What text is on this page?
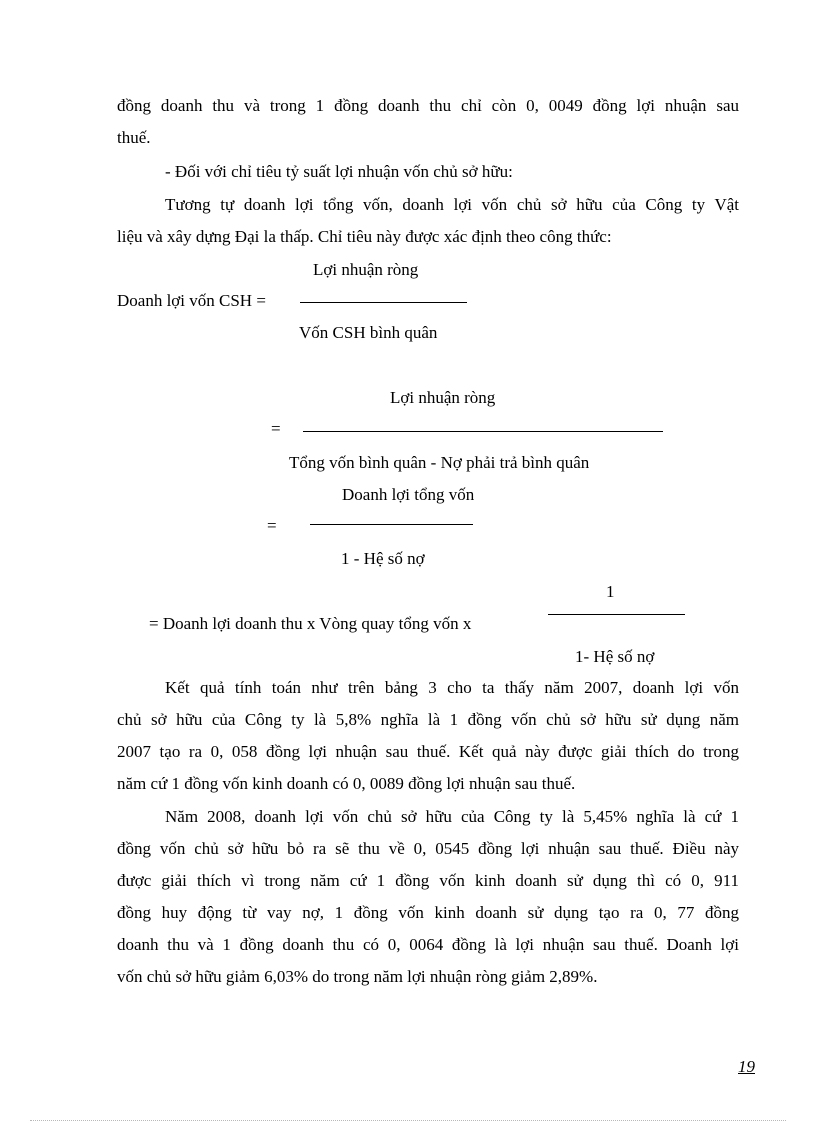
đồng doanh thu và trong 1 đồng doanh thu chỉ còn 0, 0049 đồng lợi nhuận sau
thuế.
- Đối với chỉ tiêu tỷ suất lợi nhuận vốn chủ sở hữu:
Tương tự doanh lợi tổng vốn, doanh lợi vốn chủ sở hữu của Công ty Vật
liệu và xây dựng Đại la thấp. Chỉ tiêu này được xác định theo công thức:
Lợi nhuận ròng
Doanh lợi vốn CSH =
Vốn CSH bình quân
Lợi nhuận ròng
=
Tổng vốn bình quân - Nợ phải trả bình quân
Doanh lợi tổng vốn
=
1 - Hệ số nợ
1
= Doanh lợi doanh thu x Vòng quay tổng vốn x
1- Hệ số nợ
Kết quả tính toán như trên bảng 3 cho ta thấy năm 2007, doanh lợi vốn
chủ sở hữu của Công ty là 5,8% nghĩa là 1 đồng vốn chủ sở hữu sử dụng năm
2007 tạo ra 0, 058 đồng lợi nhuận sau thuế. Kết quả này được giải thích do trong
năm cứ 1 đồng vốn kinh doanh có 0, 0089 đồng lợi nhuận sau thuế.
Năm 2008, doanh lợi vốn chủ sở hữu của Công ty là 5,45% nghĩa là cứ 1
đồng vốn chủ sở hữu bỏ ra sẽ thu về 0, 0545 đồng lợi nhuận sau thuế. Điều này
được giải thích vì trong năm cứ 1 đồng vốn kinh doanh sử dụng thì có 0, 911
đồng huy động từ vay nợ, 1 đồng vốn kinh doanh sử dụng tạo ra 0, 77 đồng
doanh thu và 1 đồng doanh thu có 0, 0064 đồng là lợi nhuận sau thuế. Doanh lợi
vốn chủ sở hữu giảm 6,03% do trong năm lợi nhuận ròng giảm 2,89%.
19
